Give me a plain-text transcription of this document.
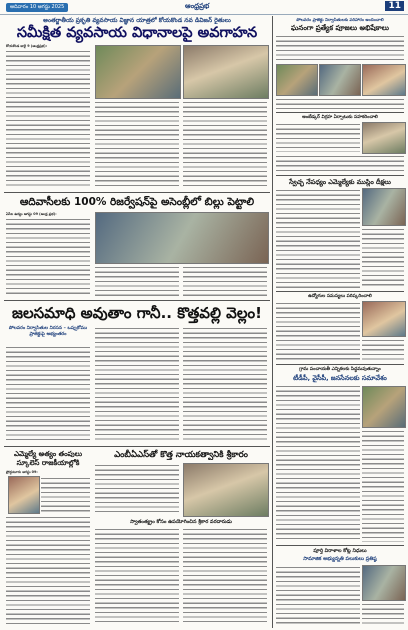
ఆదివారం 10 ఆగస్టు 2025	ఆంధ్రప్రభ	11
అంతర్జాతీయ ప్రకృతి వ్యవసాయ విజ్ఞాన యాత్రలో కోయకొండ నవ డివిజన్ రైతులు
సమీక్షిత వ్యవసాయ విధానాలపై అవగాహన
కోయకొండ జులై 9 (ఆంధ్రప్రభ):
ఆదివాసీలకు 100% రిజర్వేషన్‌పై అసెంబ్లీలో బిల్లు పెట్టాలి
ఏసీల ఉద్యం ఆగస్టు 09 (ఆంధ్ర ప్రభ):
జలసమాధి అవుతాం గానీ.. కొత్తవల్లి వెల్లం!
పోలవరం నిర్వాసితుల నిరసన – ఒప్పుకోము ప్రాజెక్టుపై అభ్యంతరం
ఎమ్మెల్యే అత్యం తంపులు స్కూలెస్ రాజకీయాల్లోకి
ప్రోద్దుటూరు ఆగస్టు 09:
ఎంబీఏఎస్‌తో కొత్త నాయకత్వానికి శ్రీకారం
స్వాతంత్య్రం కోసం ఉపయోగించిన శ్రీకార వరదారుడు
పోలవరం ప్రాజెక్టు నిర్వాసితులకు పరిహారం అందించాలి
ఘనంగా ప్రత్యేక పూజలు అభిషేకాలు
అంబేడ్కర్ విగ్రహ ఏర్పాటుకు సహకరించాలి
స్వేచ్ఛ నేపధ్యం ఎమ్మెల్యేకు ముస్లిం దీక్షలు
ఉద్యోగుల సమస్యలు పరిష్కరించాలి
గ్రామ పంచాయతీ ఎన్నికలకు సిద్ధమవుతున్నాం
టీడీపీ, వైసీపీ, జనసేనలకు సమావేశం
పూర్తి విరాళాల కోట్ల నిధులు
సామాజిక అభ్యున్నతి పలుకులు ప్రతిష్ఠ
